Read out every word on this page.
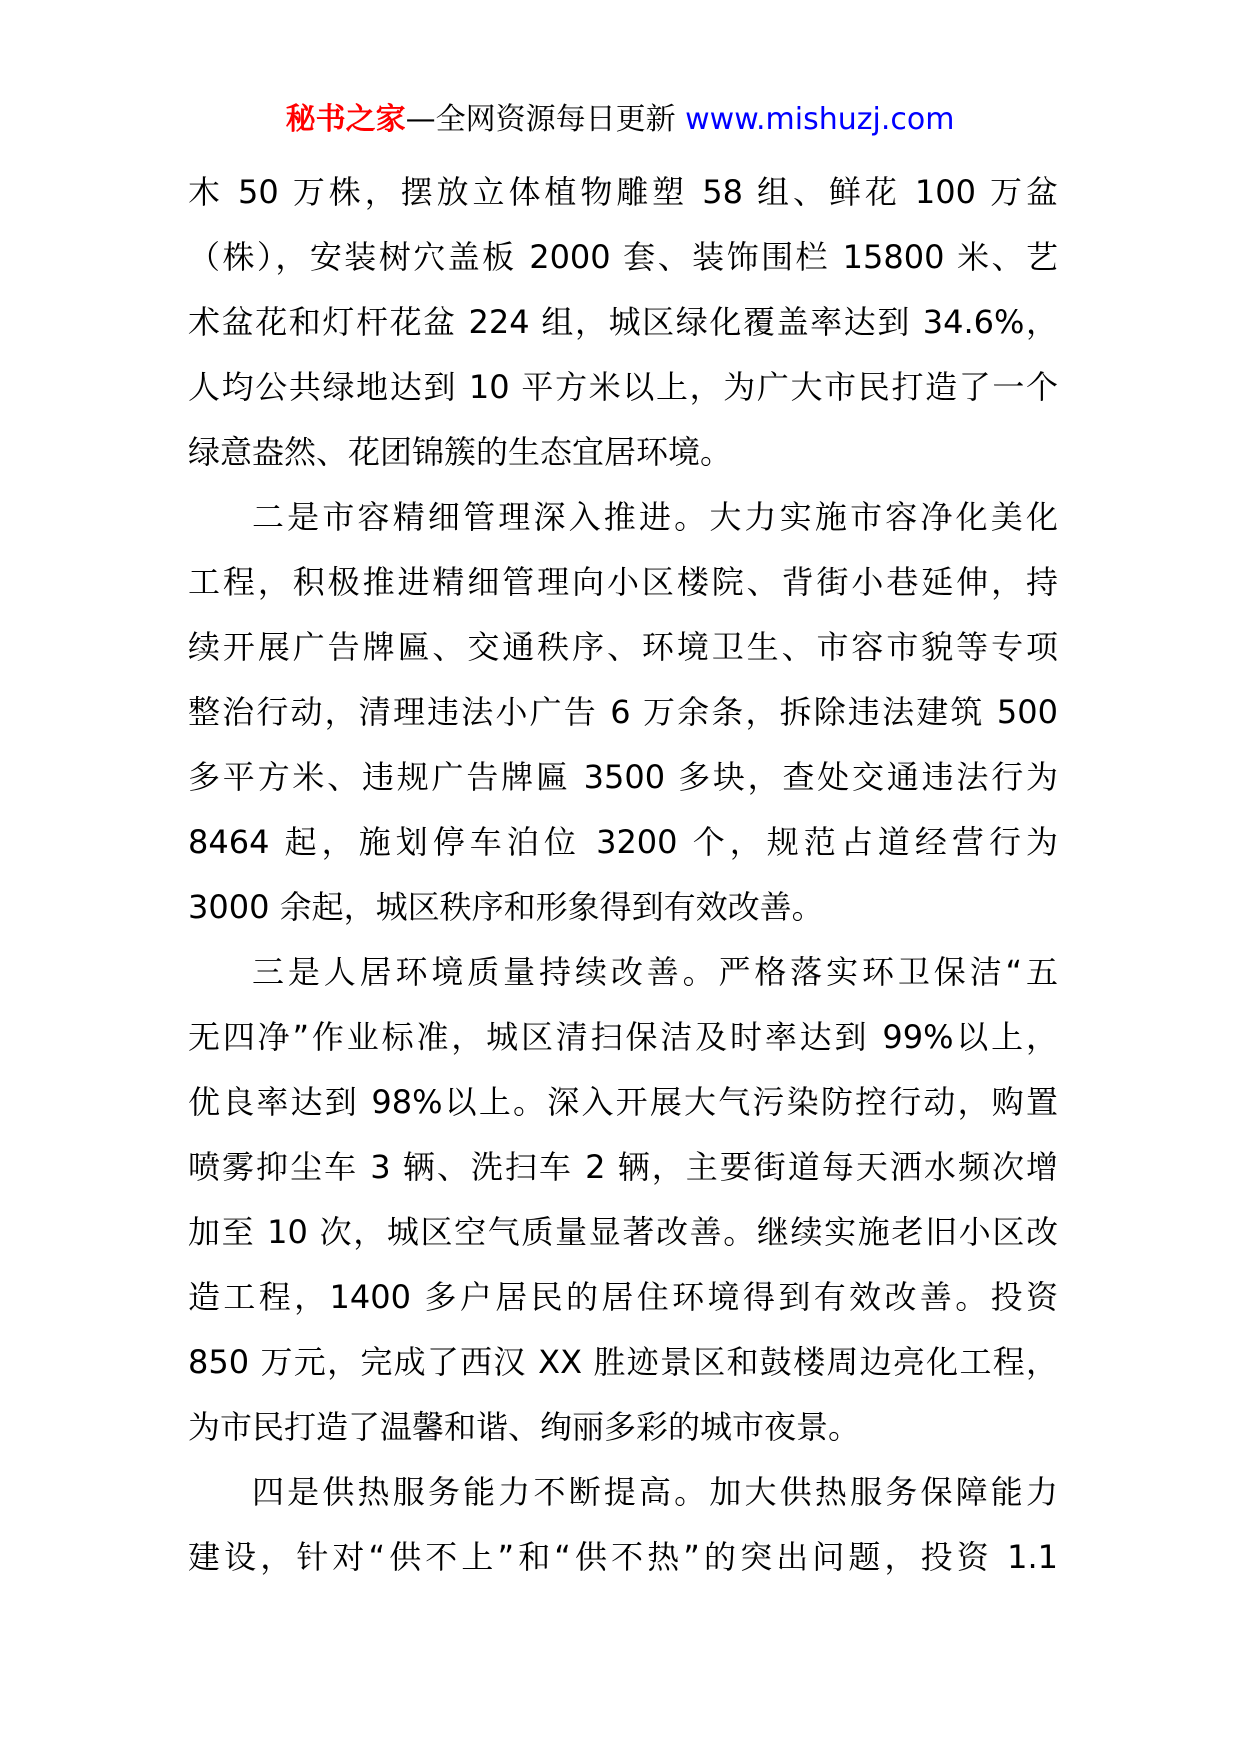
秘书之家—全网资源每日更新 www.mishuzj.com
木 50 万株，摆放立体植物雕塑 58 组、鲜花 100 万盆
（株），安装树穴盖板 2000 套、装饰围栏 15800 米、艺
术盆花和灯杆花盆 224 组，城区绿化覆盖率达到 34.6%，
人均公共绿地达到 10 平方米以上，为广大市民打造了一个
绿意盎然、花团锦簇的生态宜居环境。
二是市容精细管理深入推进。大力实施市容净化美化
工程，积极推进精细管理向小区楼院、背街小巷延伸，持
续开展广告牌匾、交通秩序、环境卫生、市容市貌等专项
整治行动，清理违法小广告 6 万余条，拆除违法建筑 500
多平方米、违规广告牌匾 3500 多块，查处交通违法行为
8464 起，施划停车泊位 3200 个，规范占道经营行为
3000 余起，城区秩序和形象得到有效改善。
三是人居环境质量持续改善。严格落实环卫保洁“五
无四净”作业标准，城区清扫保洁及时率达到 99%以上，
优良率达到 98%以上。深入开展大气污染防控行动，购置
喷雾抑尘车 3 辆、洗扫车 2 辆，主要街道每天洒水频次增
加至 10 次，城区空气质量显著改善。继续实施老旧小区改
造工程，1400 多户居民的居住环境得到有效改善。投资
850 万元，完成了西汉 XX 胜迹景区和鼓楼周边亮化工程，
为市民打造了温馨和谐、绚丽多彩的城市夜景。
四是供热服务能力不断提高。加大供热服务保障能力
建设，针对“供不上”和“供不热”的突出问题，投资 1.1
